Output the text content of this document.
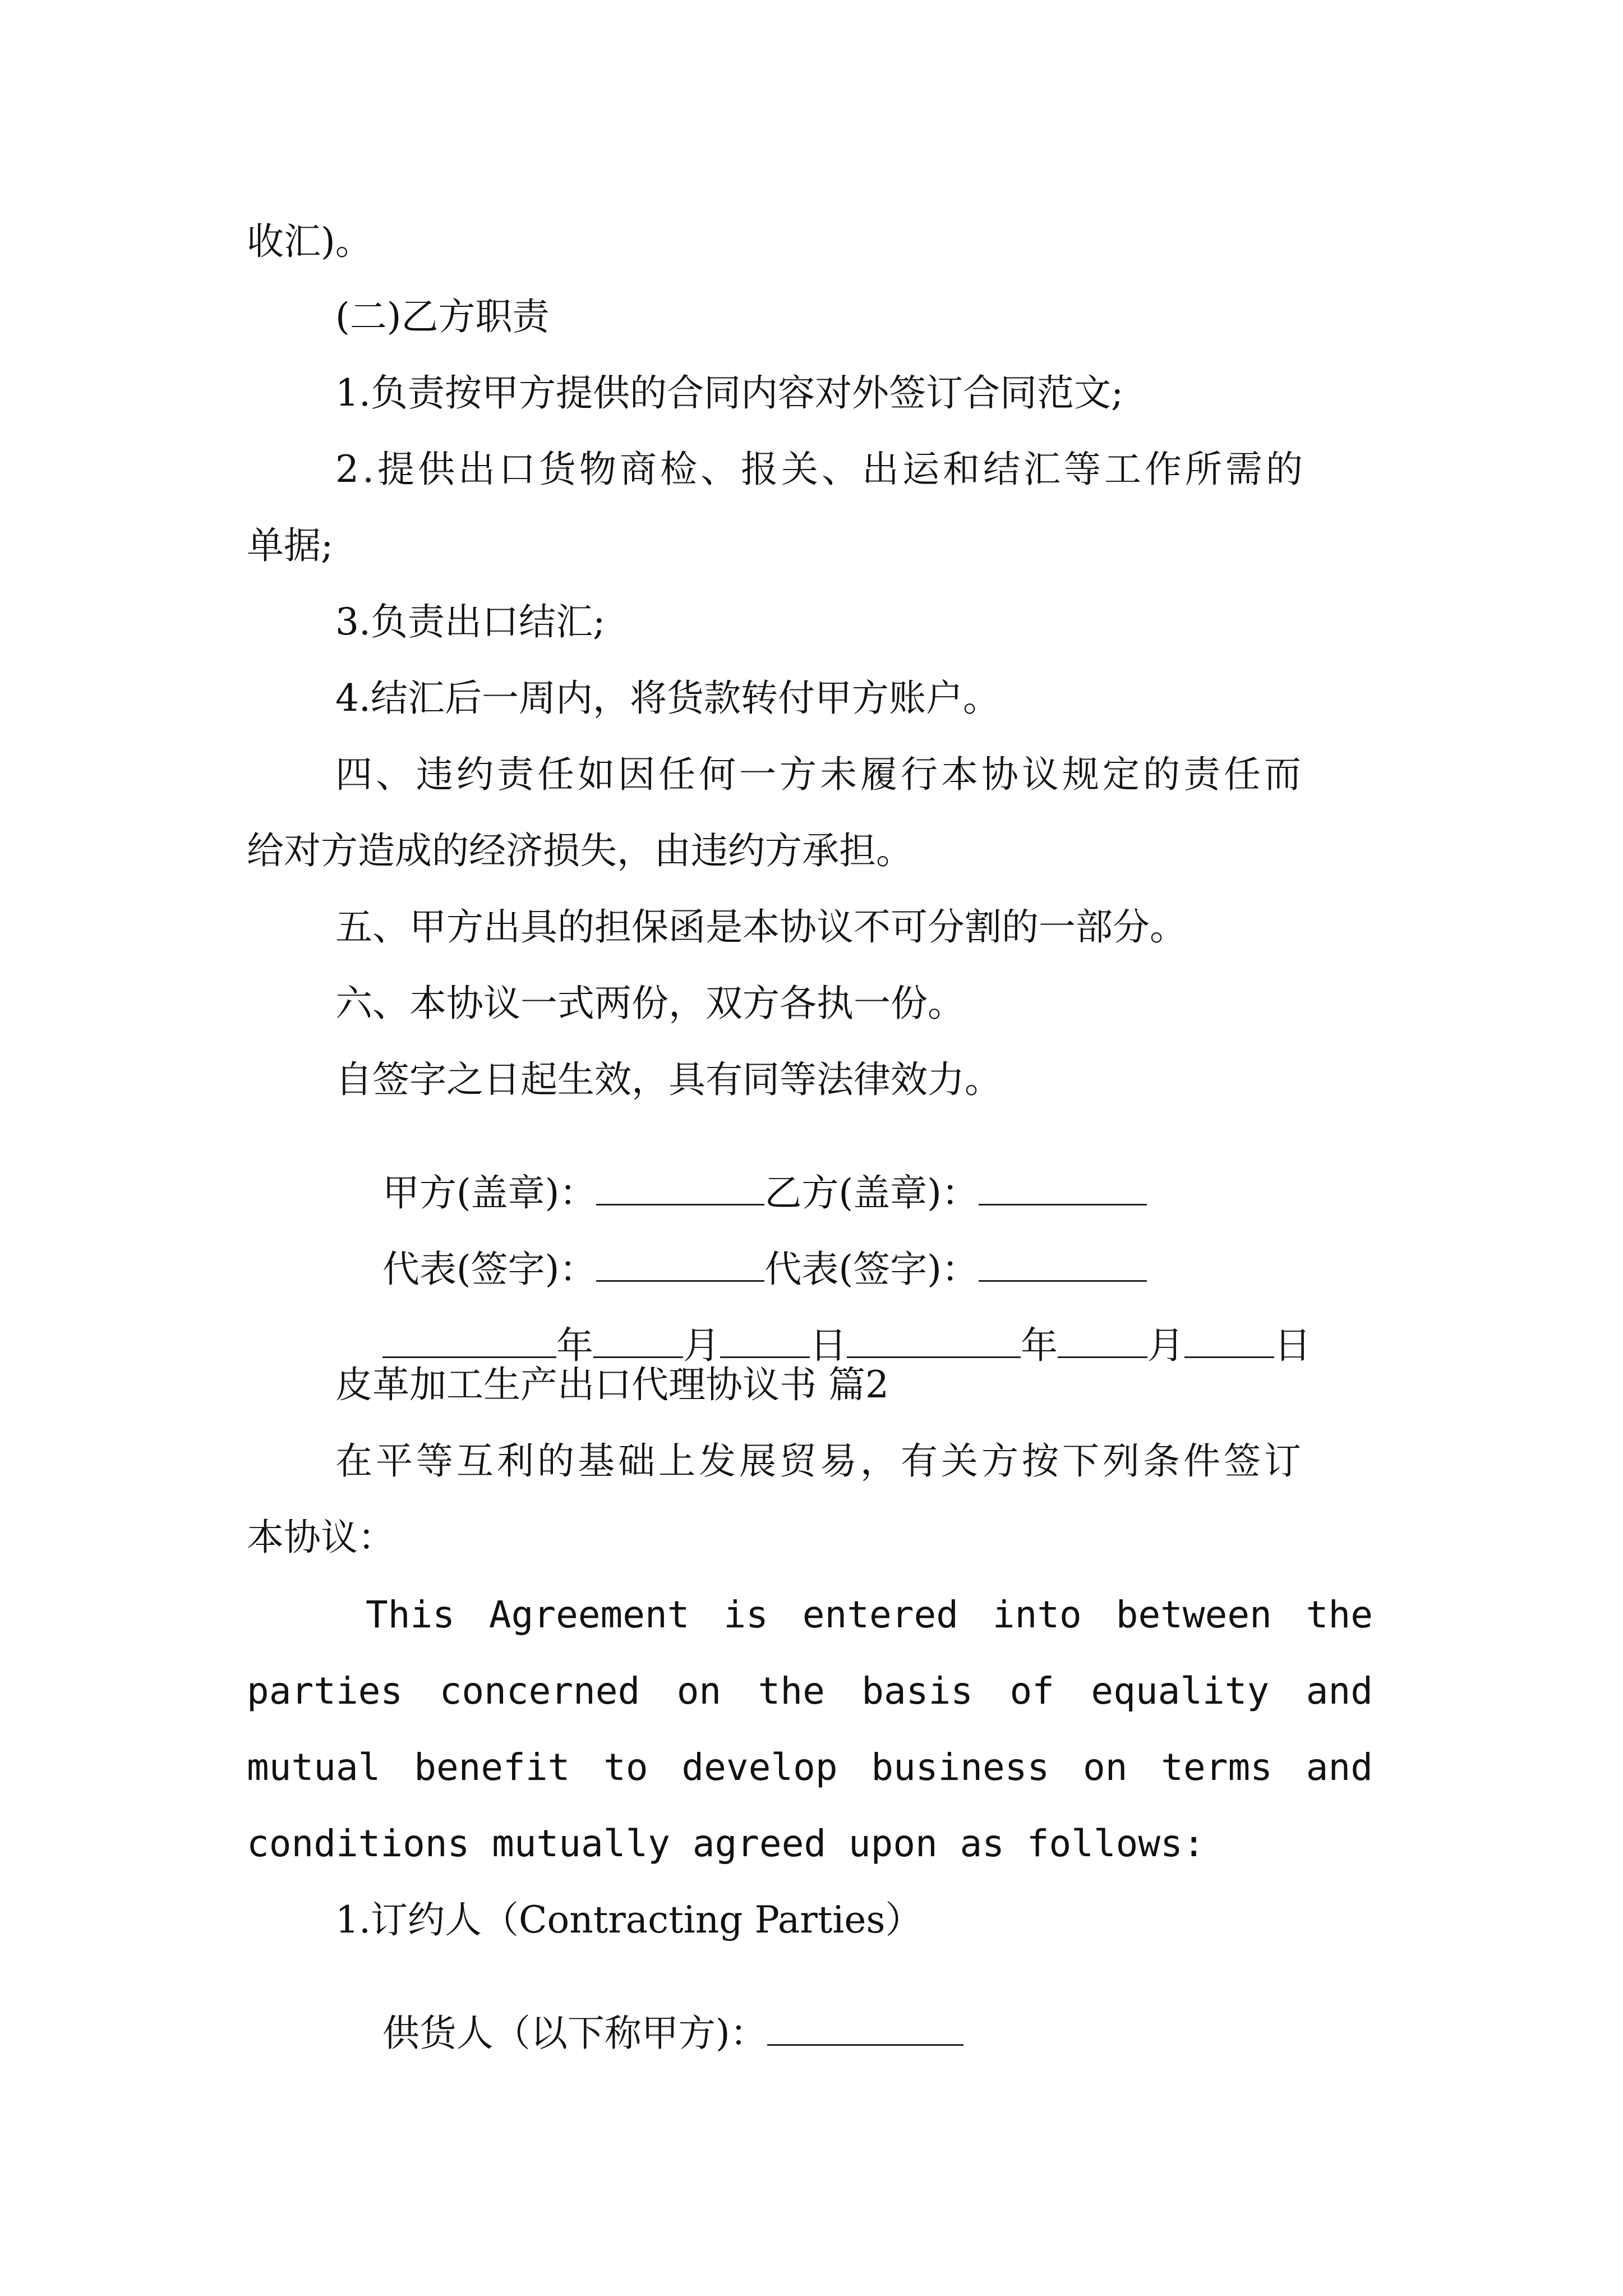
收汇)。
(二)乙方职责
1.负责按甲方提供的合同内容对外签订合同范文;
2.提供出口货物商检、报关、出运和结汇等工作所需的
单据;
3.负责出口结汇;
4.结汇后一周内，将货款转付甲方账户。
四、违约责任如因任何一方未履行本协议规定的责任而
给对方造成的经济损失，由违约方承担。
五、甲方出具的担保函是本协议不可分割的一部分。
六、本协议一式两份，双方各执一份。
自签字之日起生效，具有同等法律效力。

甲方(盖章)：	乙方(盖章)：

代表(签字)：	代表(签字)：

年 月 日	年 月 日

皮革加工生产出口代理协议书 篇2
在平等互利的基础上发展贸易，有关方按下列条件签订
本协议：
This Agreement is entered into between the
parties concerned on the basis of equality and
mutual benefit to develop business on terms and
conditions mutually agreed upon as follows:
1.订约人（Contracting Parties）

供货人（以下称甲方)：
